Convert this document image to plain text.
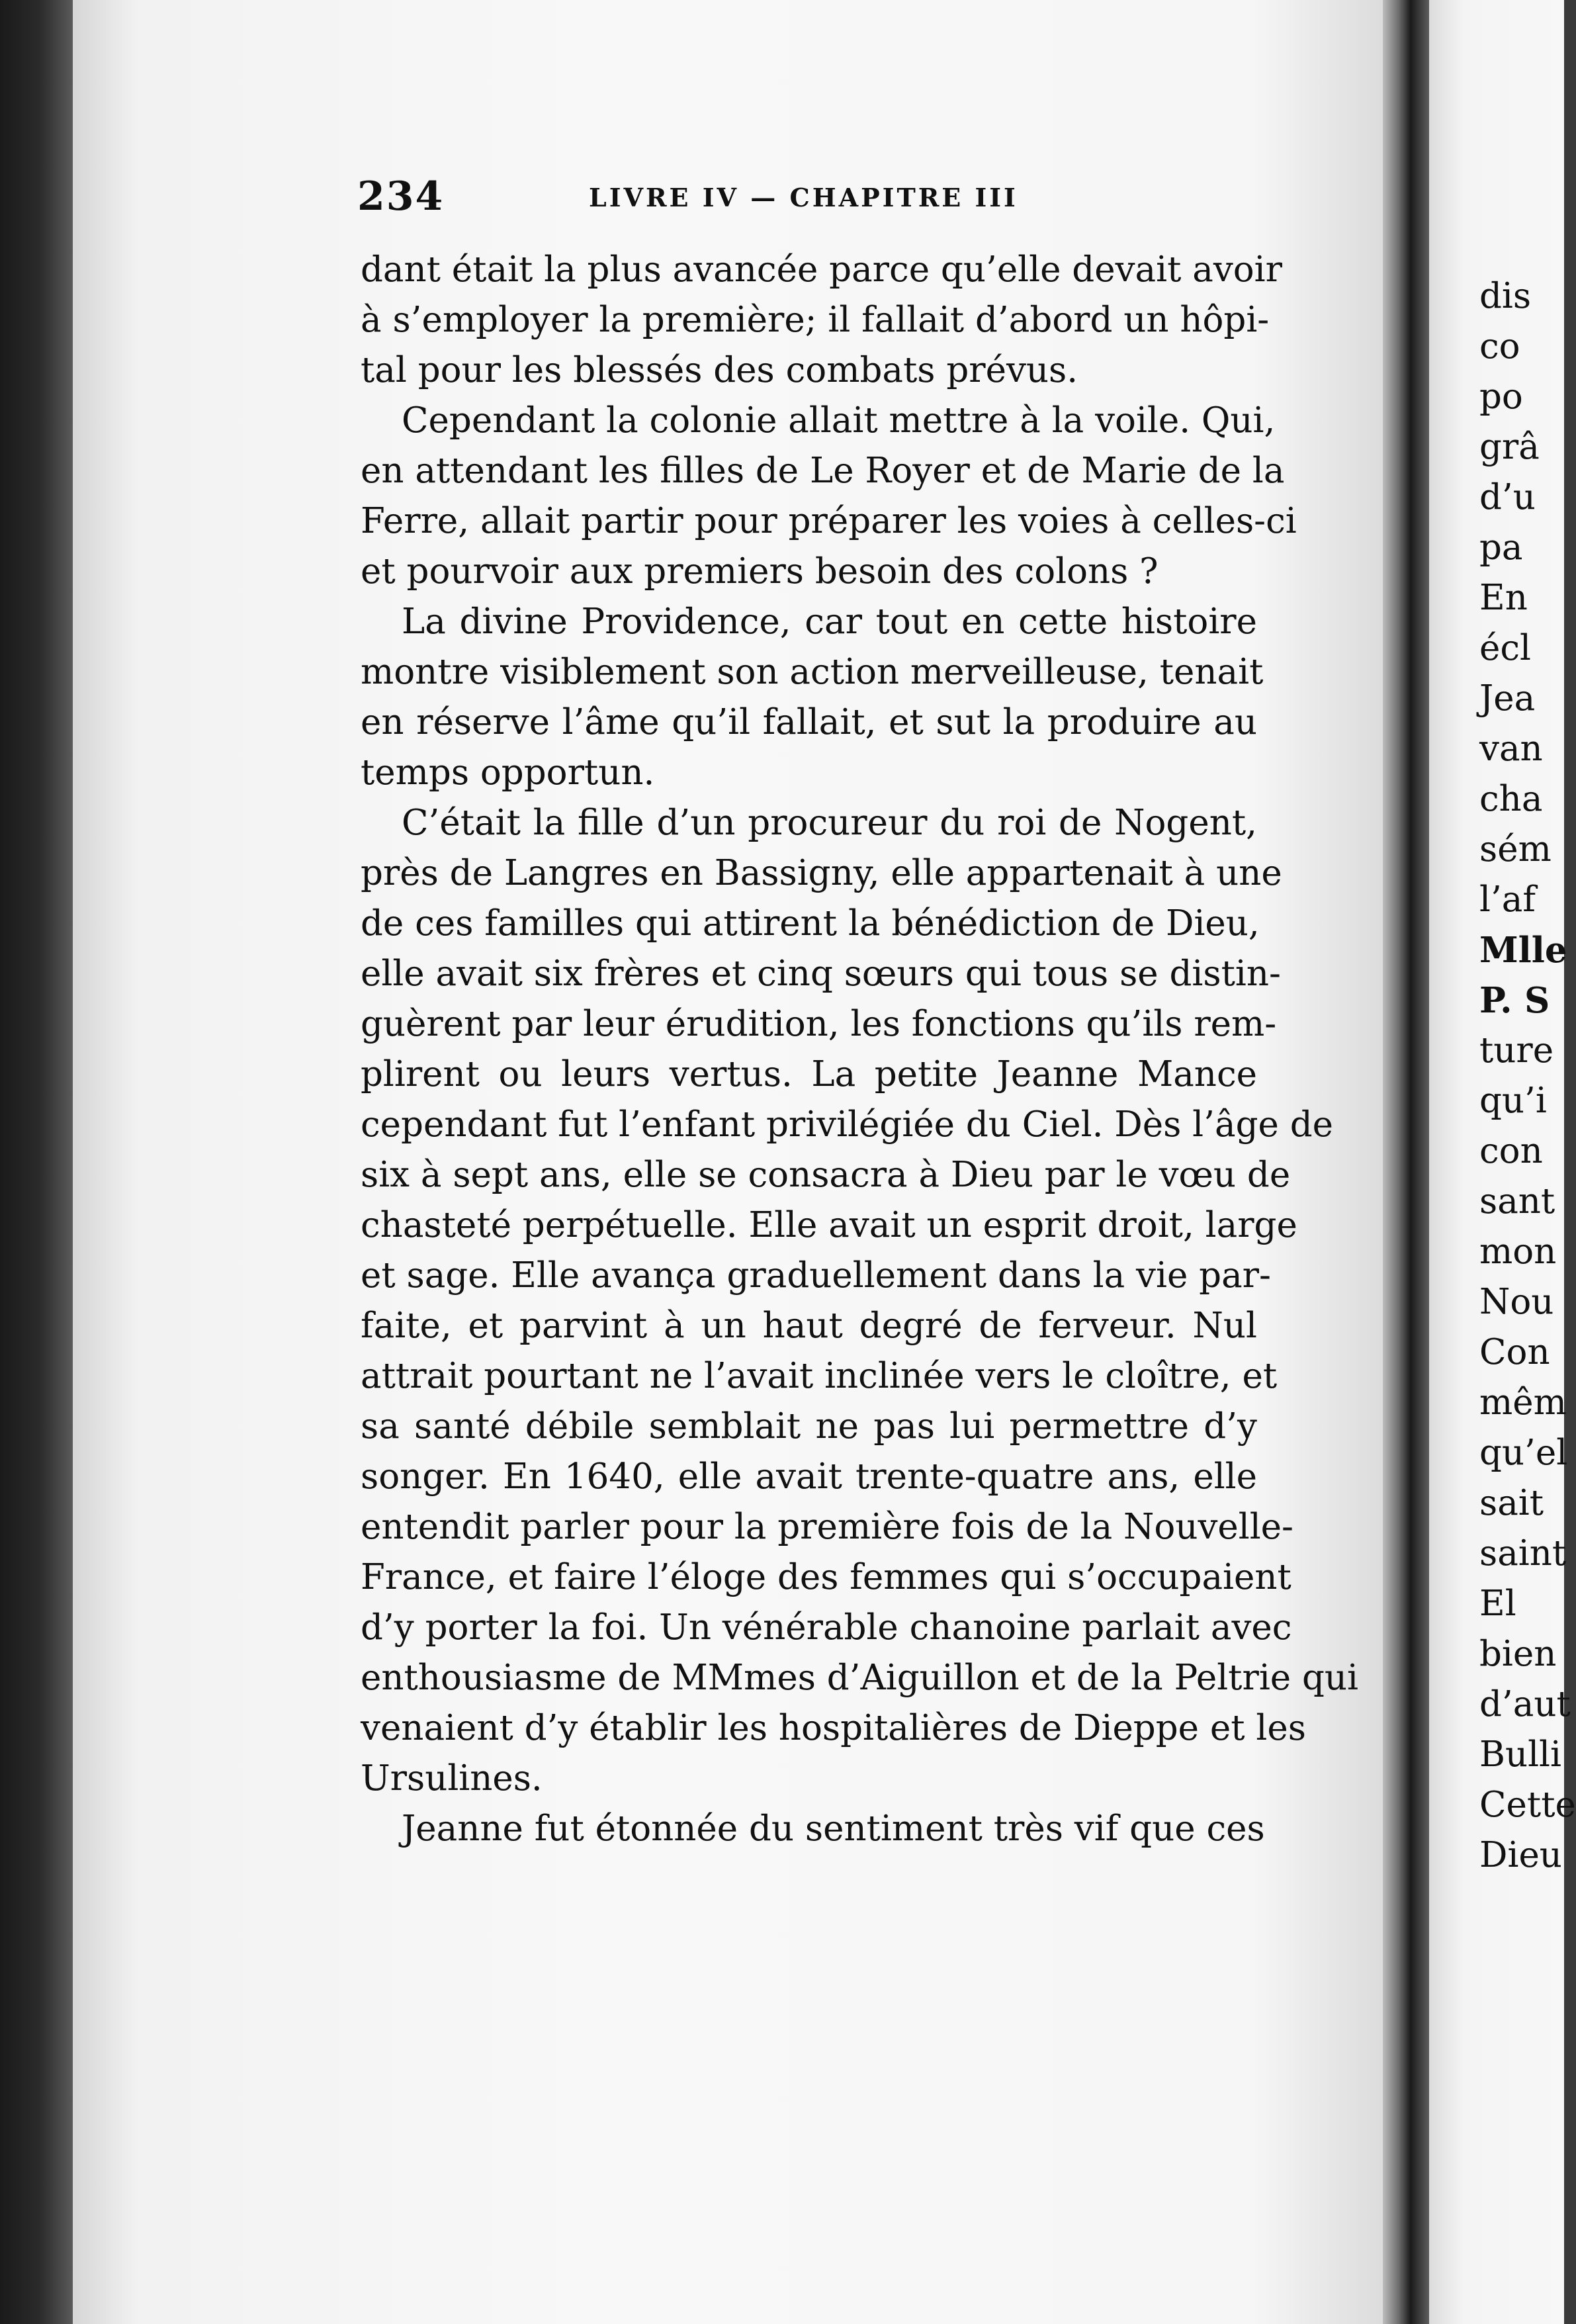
234	LIVRE IV — CHAPITRE III
dant était la plus avancée parce qu’elle devait avoir
à s’employer la première; il fallait d’abord un hôpi-
tal pour les blessés des combats prévus.
Cependant la colonie allait mettre à la voile. Qui,
en attendant les filles de Le Royer et de Marie de la
Ferre, allait partir pour préparer les voies à celles-ci
et pourvoir aux premiers besoin des colons ?
La divine Providence, car tout en cette histoire
montre visiblement son action merveilleuse, tenait
en réserve l’âme qu’il fallait, et sut la produire au
temps opportun.
C’était la fille d’un procureur du roi de Nogent,
près de Langres en Bassigny, elle appartenait à une
de ces familles qui attirent la bénédiction de Dieu,
elle avait six frères et cinq sœurs qui tous se distin-
guèrent par leur érudition, les fonctions qu’ils rem-
plirent ou leurs vertus. La petite Jeanne Mance
cependant fut l’enfant privilégiée du Ciel. Dès l’âge de
six à sept ans, elle se consacra à Dieu par le vœu de
chasteté perpétuelle. Elle avait un esprit droit, large
et sage. Elle avança graduellement dans la vie par-
faite, et parvint à un haut degré de ferveur. Nul
attrait pourtant ne l’avait inclinée vers le cloître, et
sa santé débile semblait ne pas lui permettre d’y
songer. En 1640, elle avait trente-quatre ans, elle
entendit parler pour la première fois de la Nouvelle-
France, et faire l’éloge des femmes qui s’occupaient
d’y porter la foi. Un vénérable chanoine parlait avec
enthousiasme de MMmes d’Aiguillon et de la Peltrie qui
venaient d’y établir les hospitalières de Dieppe et les
Ursulines.
Jeanne fut étonnée du sentiment très vif que ces
dis
co
po
grâ
d’u
pa
En
écl
Jea
van
cha
sém
l’af
Mlle
P. S
ture
qu’i
con
sant
mon
Nou
Con
mêm
qu’el
sait
saint
El
bien
d’aut
Bulli
Cette
Dieu
